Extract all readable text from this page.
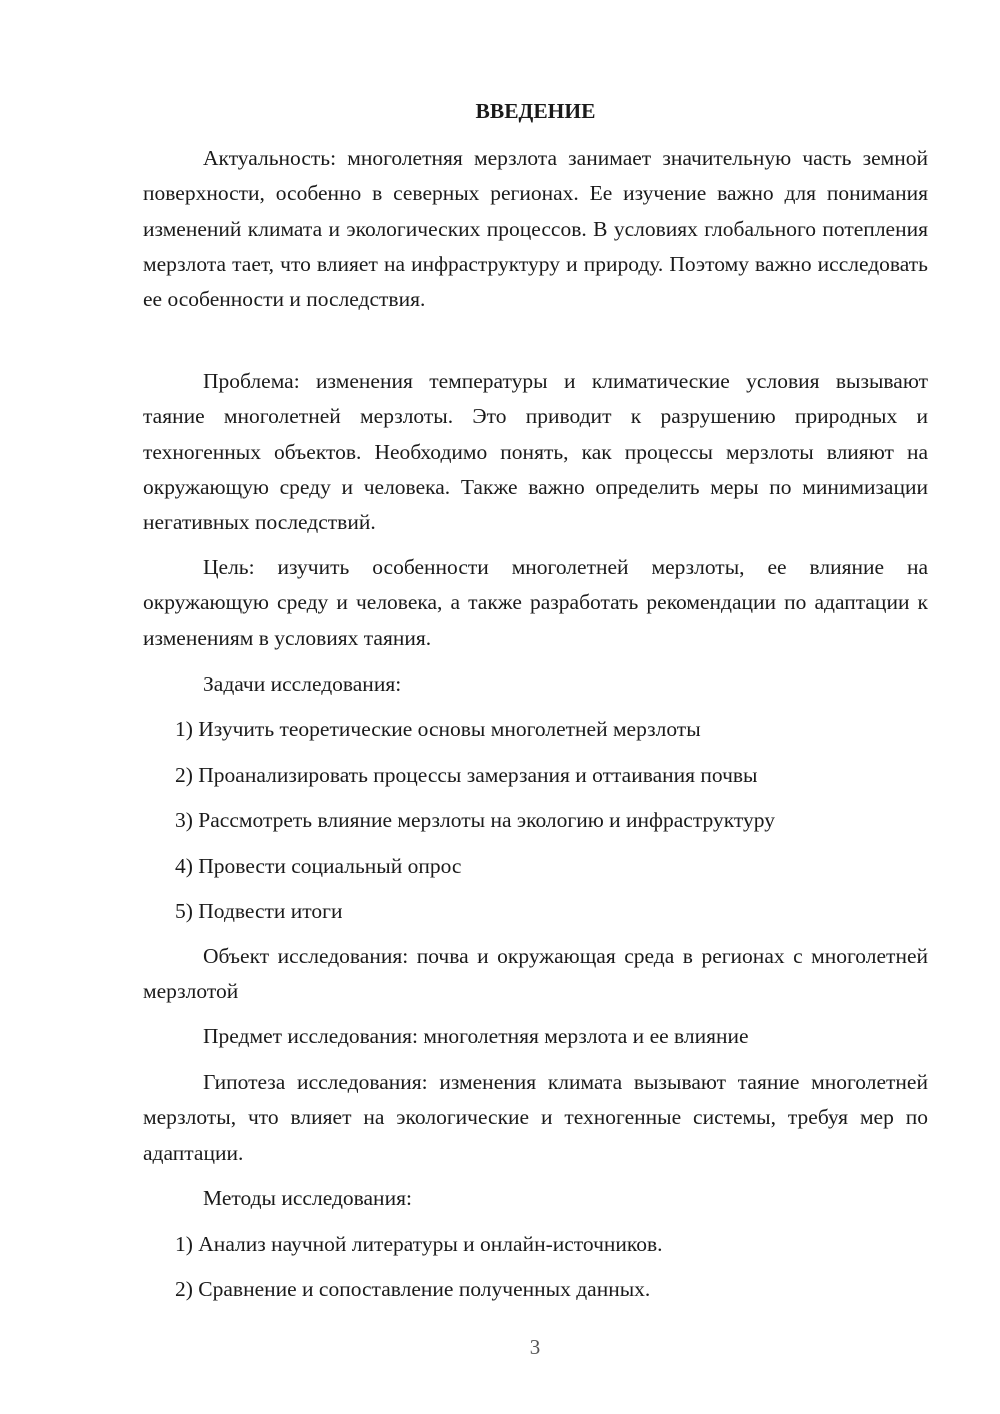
ВВЕДЕНИЕ
Актуальность: многолетняя мерзлота занимает значительную часть земной поверхности, особенно в северных регионах. Ее изучение важно для понимания изменений климата и экологических процессов. В условиях глобального потепления мерзлота тает, что влияет на инфраструктуру и природу. Поэтому важно исследовать ее особенности и последствия.
Проблема: изменения температуры и климатические условия вызывают таяние многолетней мерзлоты. Это приводит к разрушению природных и техногенных объектов. Необходимо понять, как процессы мерзлоты влияют на окружающую среду и человека. Также важно определить меры по минимизации негативных последствий.
Цель: изучить особенности многолетней мерзлоты, ее влияние на окружающую среду и человека, а также разработать рекомендации по адаптации к изменениям в условиях таяния.
Задачи исследования:
1) Изучить теоретические основы многолетней мерзлоты
2) Проанализировать процессы замерзания и оттаивания почвы
3) Рассмотреть влияние мерзлоты на экологию и инфраструктуру
4) Провести социальный опрос
5) Подвести итоги
Объект исследования: почва и окружающая среда в регионах с многолетней мерзлотой
Предмет исследования: многолетняя мерзлота и ее влияние
Гипотеза исследования: изменения климата вызывают таяние многолетней мерзлоты, что влияет на экологические и техногенные системы, требуя мер по адаптации.
Методы исследования:
1) Анализ научной литературы и онлайн-источников.
2) Сравнение и сопоставление полученных данных.
3
